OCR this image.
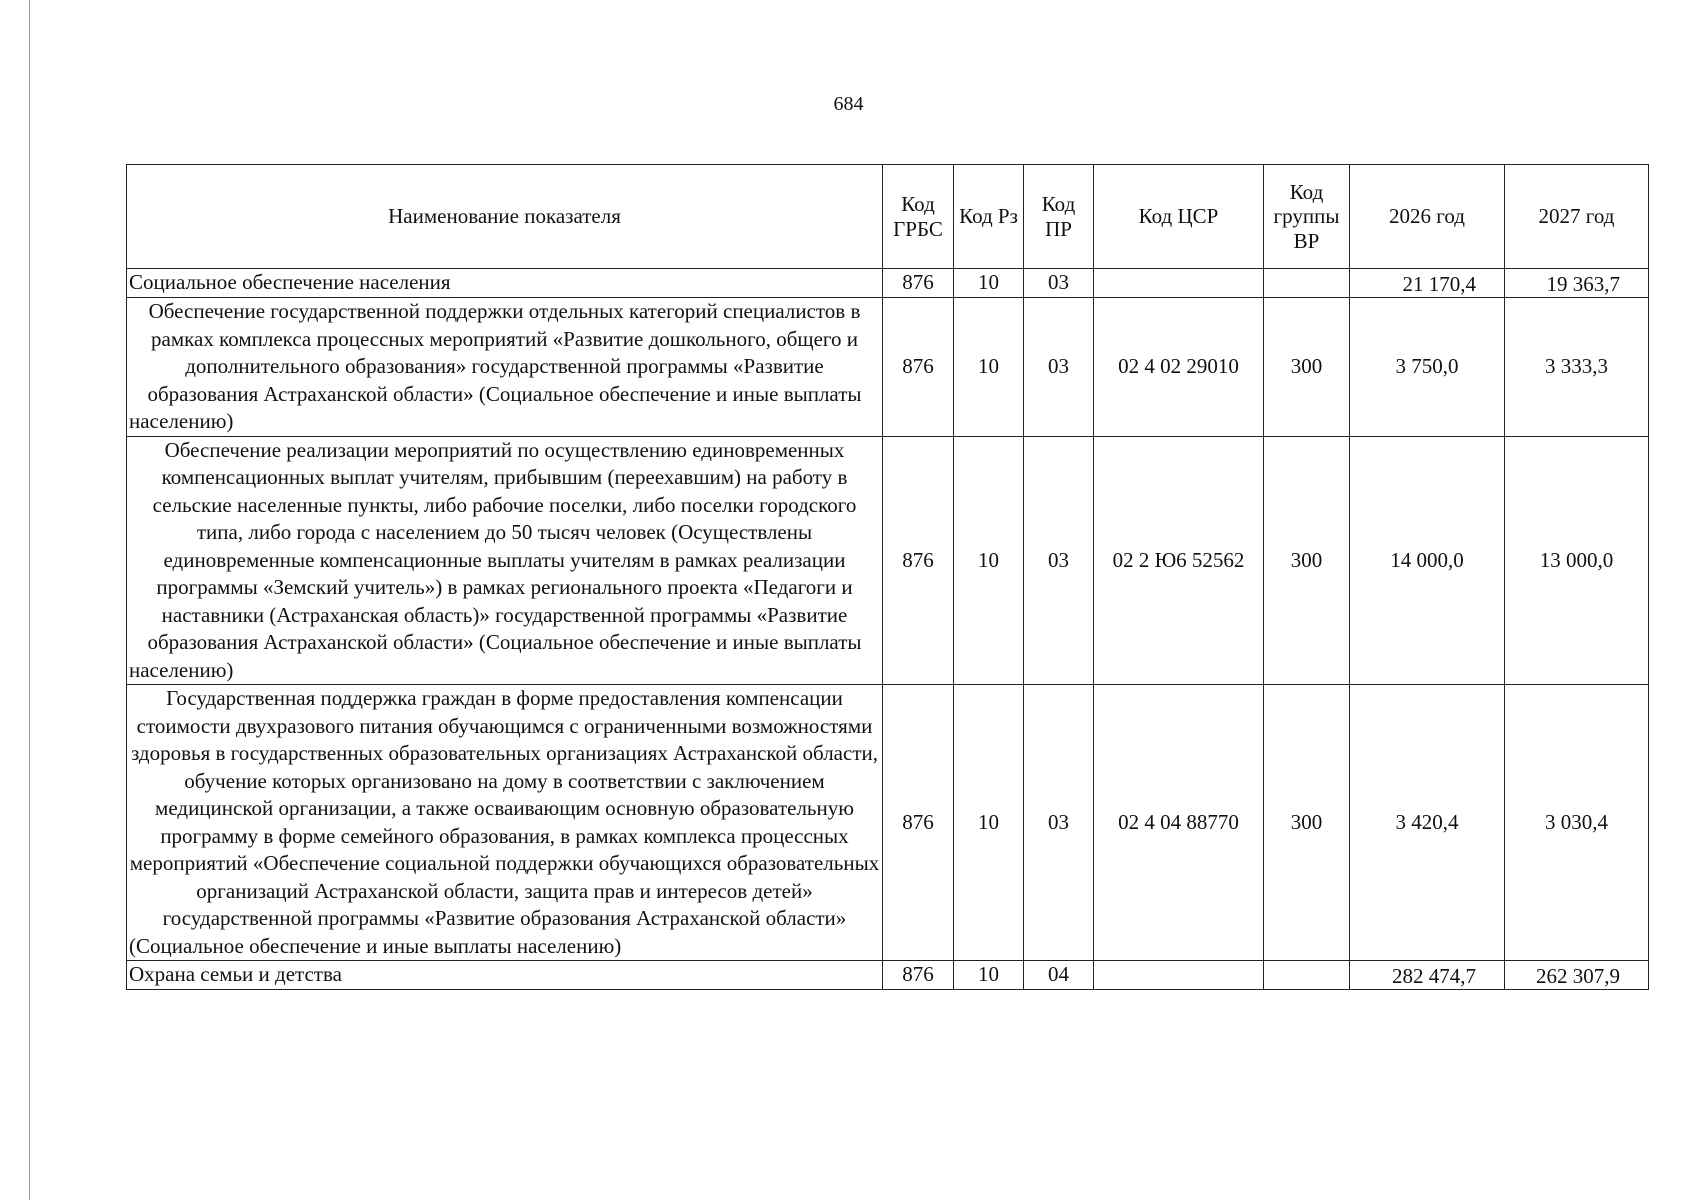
684
Наименование показателя	Код ГРБС	Код Рз	Код ПР	Код ЦСР	Код группы ВР	2026 год	2027 год
Социальное обеспечение населения	876	10	03			21 170,4	19 363,7
Обеспечение государственной поддержки отдельных категорий специалистов в рамках комплекса процессных мероприятий «Развитие дошкольного, общего и дополнительного образования» государственной программы «Развитие образования Астраханской области» (Социальное обеспечение и иные выплаты населению)	876	10	03	02 4 02 29010	300	3 750,0	3 333,3
Обеспечение реализации мероприятий по осуществлению единовременных компенсационных выплат учителям, прибывшим (переехавшим) на работу в сельские населенные пункты, либо рабочие поселки, либо поселки городского типа, либо города с населением до 50 тысяч человек (Осуществлены единовременные компенсационные выплаты учителям в рамках реализации программы «Земский учитель») в рамках регионального проекта «Педагоги и наставники (Астраханская область)» государственной программы «Развитие образования Астраханской области» (Социальное обеспечение и иные выплаты населению)	876	10	03	02 2 Ю6 52562	300	14 000,0	13 000,0
Государственная поддержка граждан в форме предоставления компенсации стоимости двухразового питания обучающимся с ограниченными возможностями здоровья в государственных образовательных организациях Астраханской области, обучение которых организовано на дому в соответствии с заключением медицинской организации, а также осваивающим основную образовательную программу в форме семейного образования, в рамках комплекса процессных мероприятий «Обеспечение социальной поддержки обучающихся образовательных организаций Астраханской области, защита прав и интересов детей» государственной программы «Развитие образования Астраханской области» (Социальное обеспечение и иные выплаты населению)	876	10	03	02 4 04 88770	300	3 420,4	3 030,4
Охрана семьи и детства	876	10	04			282 474,7	262 307,9
